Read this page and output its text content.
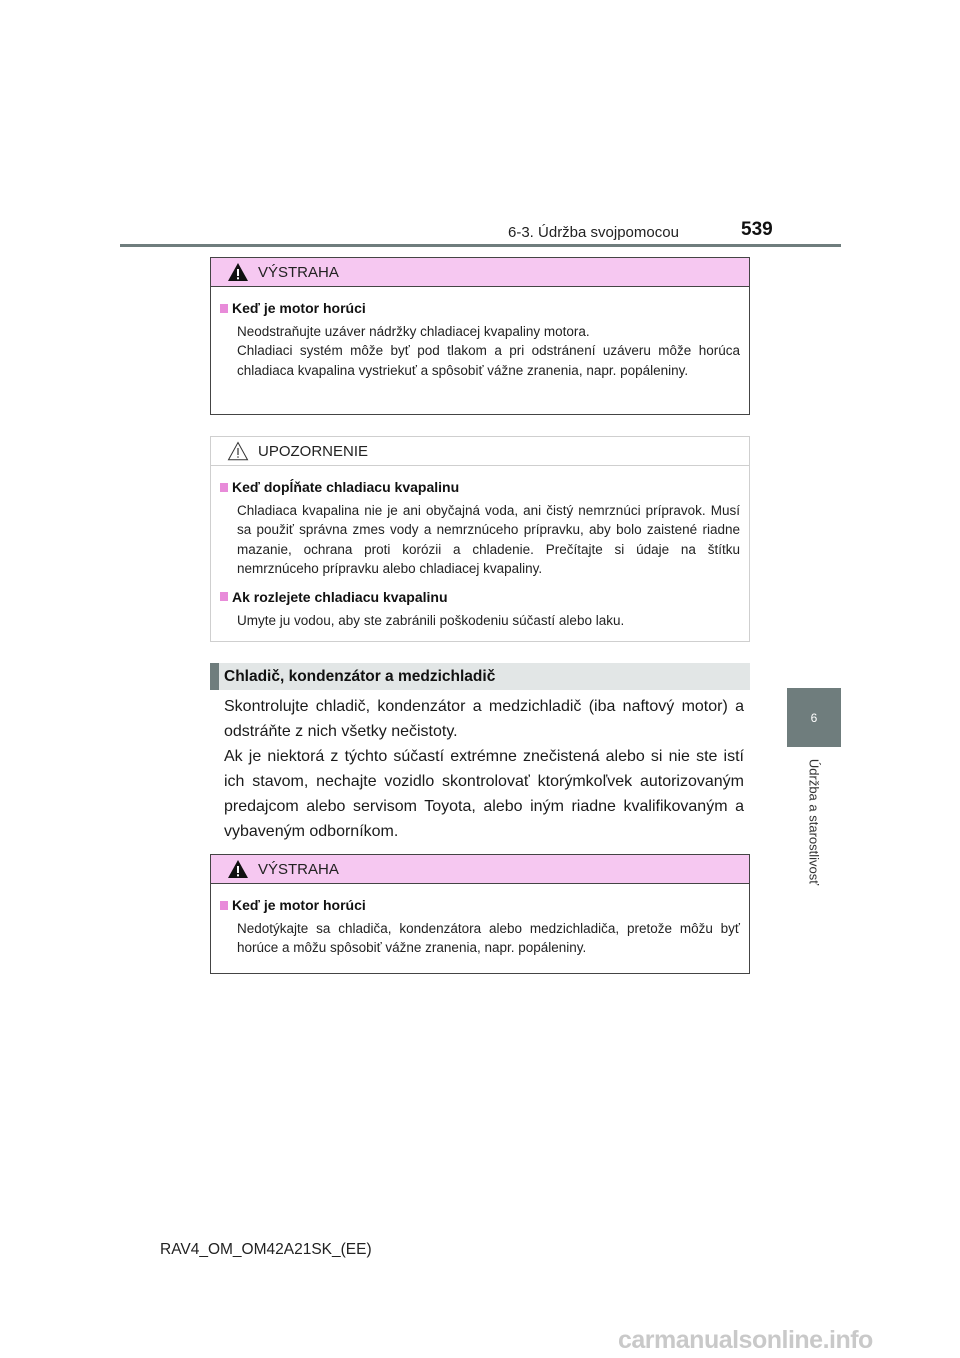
6-3. Údržba svojpomocou	539
6
Údržba a starostlivosť
VÝSTRAHA
Keď je motor horúci
Neodstraňujte uzáver nádržky chladiacej kvapaliny motora.
Chladiaci systém môže byť pod tlakom a pri odstránení uzáveru môže horúca chladiaca kvapalina vystriekuť a spôsobiť vážne zranenia, napr. popáleniny.
UPOZORNENIE
Keď dopĺňate chladiacu kvapalinu
Chladiaca kvapalina nie je ani obyčajná voda, ani čistý nemrznúci prípravok. Musí sa použiť správna zmes vody a nemrznúceho prípravku, aby bolo zaistené riadne mazanie, ochrana proti korózii a chladenie. Prečítajte si údaje na štítku nemrznúceho prípravku alebo chladiacej kvapaliny.
Ak rozlejete chladiacu kvapalinu
Umyte ju vodou, aby ste zabránili poškodeniu súčastí alebo laku.
Chladič, kondenzátor a medzichladič

Skontrolujte chladič, kondenzátor a medzichladič (iba naftový motor) a odstráňte z nich všetky nečistoty.

Ak je niektorá z týchto súčastí extrémne znečistená alebo si nie ste istí ich stavom, nechajte vozidlo skontrolovať ktorýmkoľvek autorizovaným predajcom alebo servisom Toyota, alebo iným riadne kvalifikovaným a vybaveným odborníkom.

VÝSTRAHA
Keď je motor horúci
Nedotýkajte sa chladiča, kondenzátora alebo medzichladiča, pretože môžu byť horúce a môžu spôsobiť vážne zranenia, napr. popáleniny.
RAV4_OM_OM42A21SK_(EE)
carmanualsonline.info
